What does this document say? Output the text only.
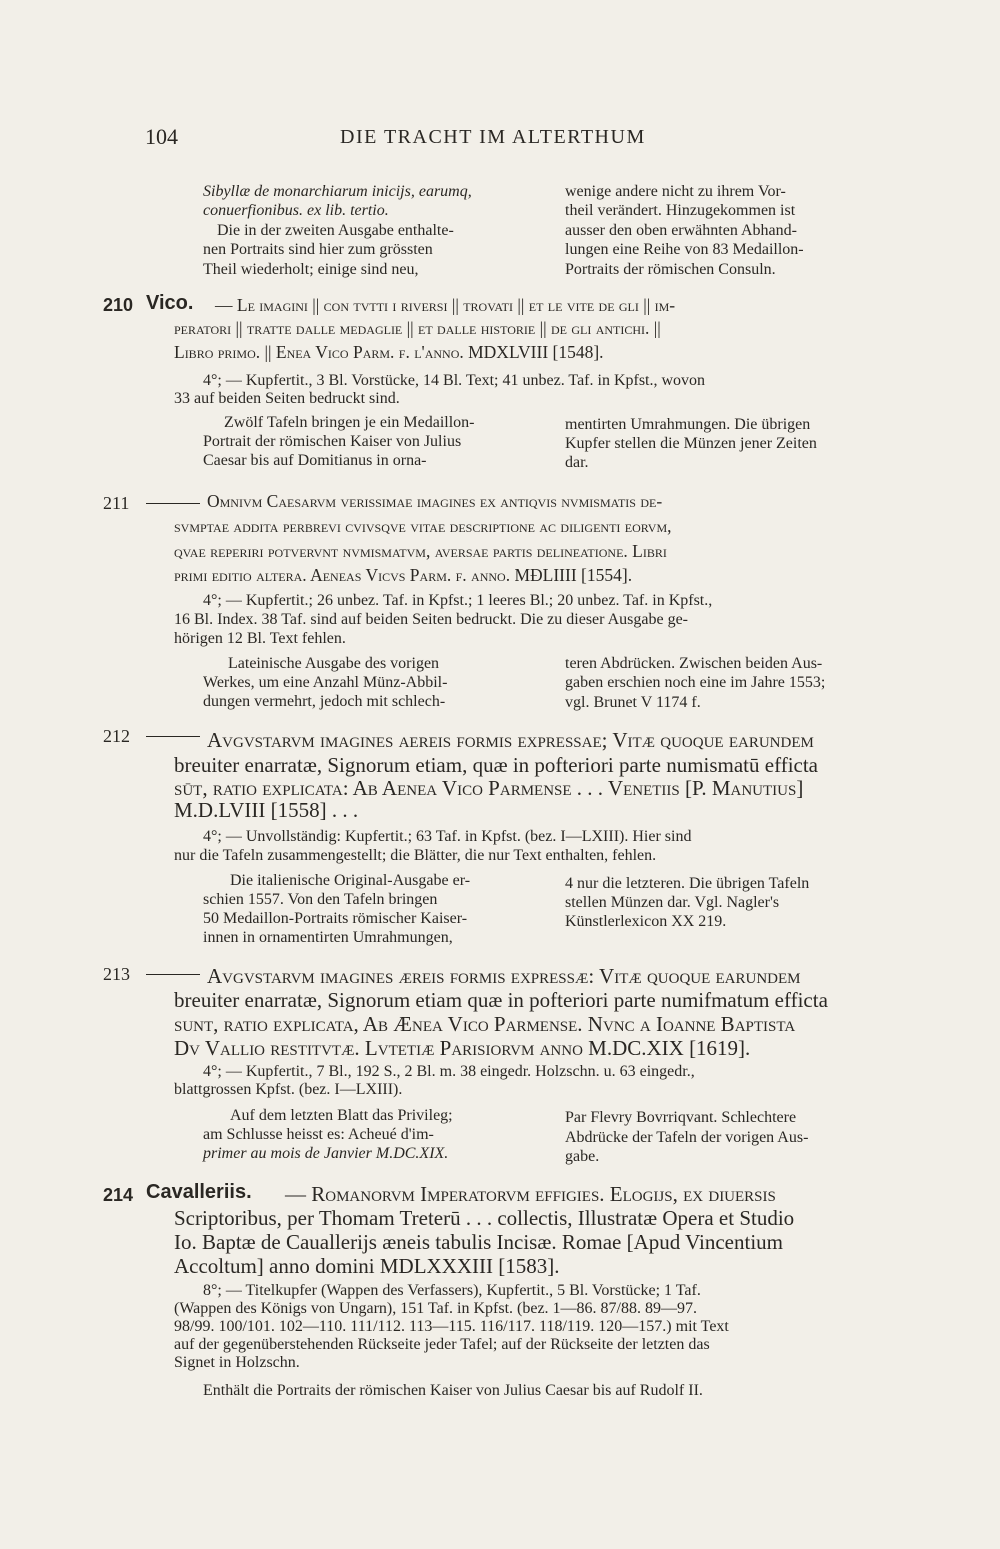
104	DIE TRACHT IM ALTERTHUM
Sibyllæ de monarchiarum inicijs, earumq,
conuerfionibus. ex lib. tertio.
Die in der zweiten Ausgabe enthalte-
nen Portraits sind hier zum grössten
Theil wiederholt; einige sind neu,
wenige andere nicht zu ihrem Vor-
theil verändert. Hinzugekommen ist
ausser den oben erwähnten Abhand-
lungen eine Reihe von 83 Medaillon-
Portraits der römischen Consuln.
210 Vico. — Le imagini || con tvtti i riversi || trovati || et le vite de gli || im-
peratori || tratte dalle medaglie || et dalle historie || de gli antichi. ||
Libro primo. || Enea Vico Parm. f. l'anno. MDXLVIII [1548].
4°; — Kupfertit., 3 Bl. Vorstücke, 14 Bl. Text; 41 unbez. Taf. in Kpfst., wovon
33 auf beiden Seiten bedruckt sind.
Zwölf Tafeln bringen je ein Medaillon-
Portrait der römischen Kaiser von Julius
Caesar bis auf Domitianus in orna-
mentirten Umrahmungen. Die übrigen
Kupfer stellen die Münzen jener Zeiten
dar.
211	Omnivm Caesarvm verissimae imagines ex antiqvis nvmismatis de-
svmptae addita perbrevi cvivsqve vitae descriptione ac diligenti eorvm,
qvae reperiri potvervnt nvmismatvm, aversae partis delineatione. Libri
primi editio altera. Aeneas Vicvs Parm. f. anno. MÐLIIII [1554].
4°; — Kupfertit.; 26 unbez. Taf. in Kpfst.; 1 leeres Bl.; 20 unbez. Taf. in Kpfst.,
16 Bl. Index. 38 Taf. sind auf beiden Seiten bedruckt. Die zu dieser Ausgabe ge-
hörigen 12 Bl. Text fehlen.
Lateinische Ausgabe des vorigen
Werkes, um eine Anzahl Münz-Abbil-
dungen vermehrt, jedoch mit schlech-
teren Abdrücken. Zwischen beiden Aus-
gaben erschien noch eine im Jahre 1553;
vgl. Brunet V 1174 f.
212	Avgvstarvm imagines aereis formis expressae; Vitæ quoque earundem
breuiter enarratæ, Signorum etiam, quæ in pofteriori parte numismatū efficta
sūt, ratio explicata: Ab Aenea Vico Parmense . . . Venetiis [P. Manutius]
M.D.LVIII [1558] . . .
4°; — Unvollständig: Kupfertit.; 63 Taf. in Kpfst. (bez. I—LXIII). Hier sind
nur die Tafeln zusammengestellt; die Blätter, die nur Text enthalten, fehlen.
Die italienische Original-Ausgabe er-
schien 1557. Von den Tafeln bringen
50 Medaillon-Portraits römischer Kaiser-
innen in ornamentirten Umrahmungen,
4 nur die letzteren. Die übrigen Tafeln
stellen Münzen dar. Vgl. Nagler's
Künstlerlexicon XX 219.
213	Avgvstarvm imagines æreis formis expressæ: Vitæ quoque earundem
breuiter enarratæ, Signorum etiam quæ in pofteriori parte numifmatum efficta
sunt, ratio explicata, Ab Ænea Vico Parmense. Nvnc a Ioanne Baptista
Dv Vallio restitvtæ. Lvtetiæ Parisiorvm anno M.DC.XIX [1619].
4°; — Kupfertit., 7 Bl., 192 S., 2 Bl. m. 38 eingedr. Holzschn. u. 63 eingedr.,
blattgrossen Kpfst. (bez. I—LXIII).
Auf dem letzten Blatt das Privileg;
am Schlusse heisst es: Acheué d'im-
primer au mois de Janvier M.DC.XIX.
Par Flevry Bovrriqvant. Schlechtere
Abdrücke der Tafeln der vorigen Aus-
gabe.
214 Cavalleriis. — Romanorvm Imperatorvm effigies. Elogijs, ex diuersis
Scriptoribus, per Thomam Treterū . . . collectis, Illustratæ Opera et Studio
Io. Baptæ de Cauallerijs æneis tabulis Incisæ. Romae [Apud Vincentium
Accoltum] anno domini MDLXXXIII [1583].
8°; — Titelkupfer (Wappen des Verfassers), Kupfertit., 5 Bl. Vorstücke; 1 Taf.
(Wappen des Königs von Ungarn), 151 Taf. in Kpfst. (bez. 1—86. 87/88. 89—97.
98/99. 100/101. 102—110. 111/112. 113—115. 116/117. 118/119. 120—157.) mit Text
auf der gegenüberstehenden Rückseite jeder Tafel; auf der Rückseite der letzten das
Signet in Holzschn.
Enthält die Portraits der römischen Kaiser von Julius Caesar bis auf Rudolf II.
